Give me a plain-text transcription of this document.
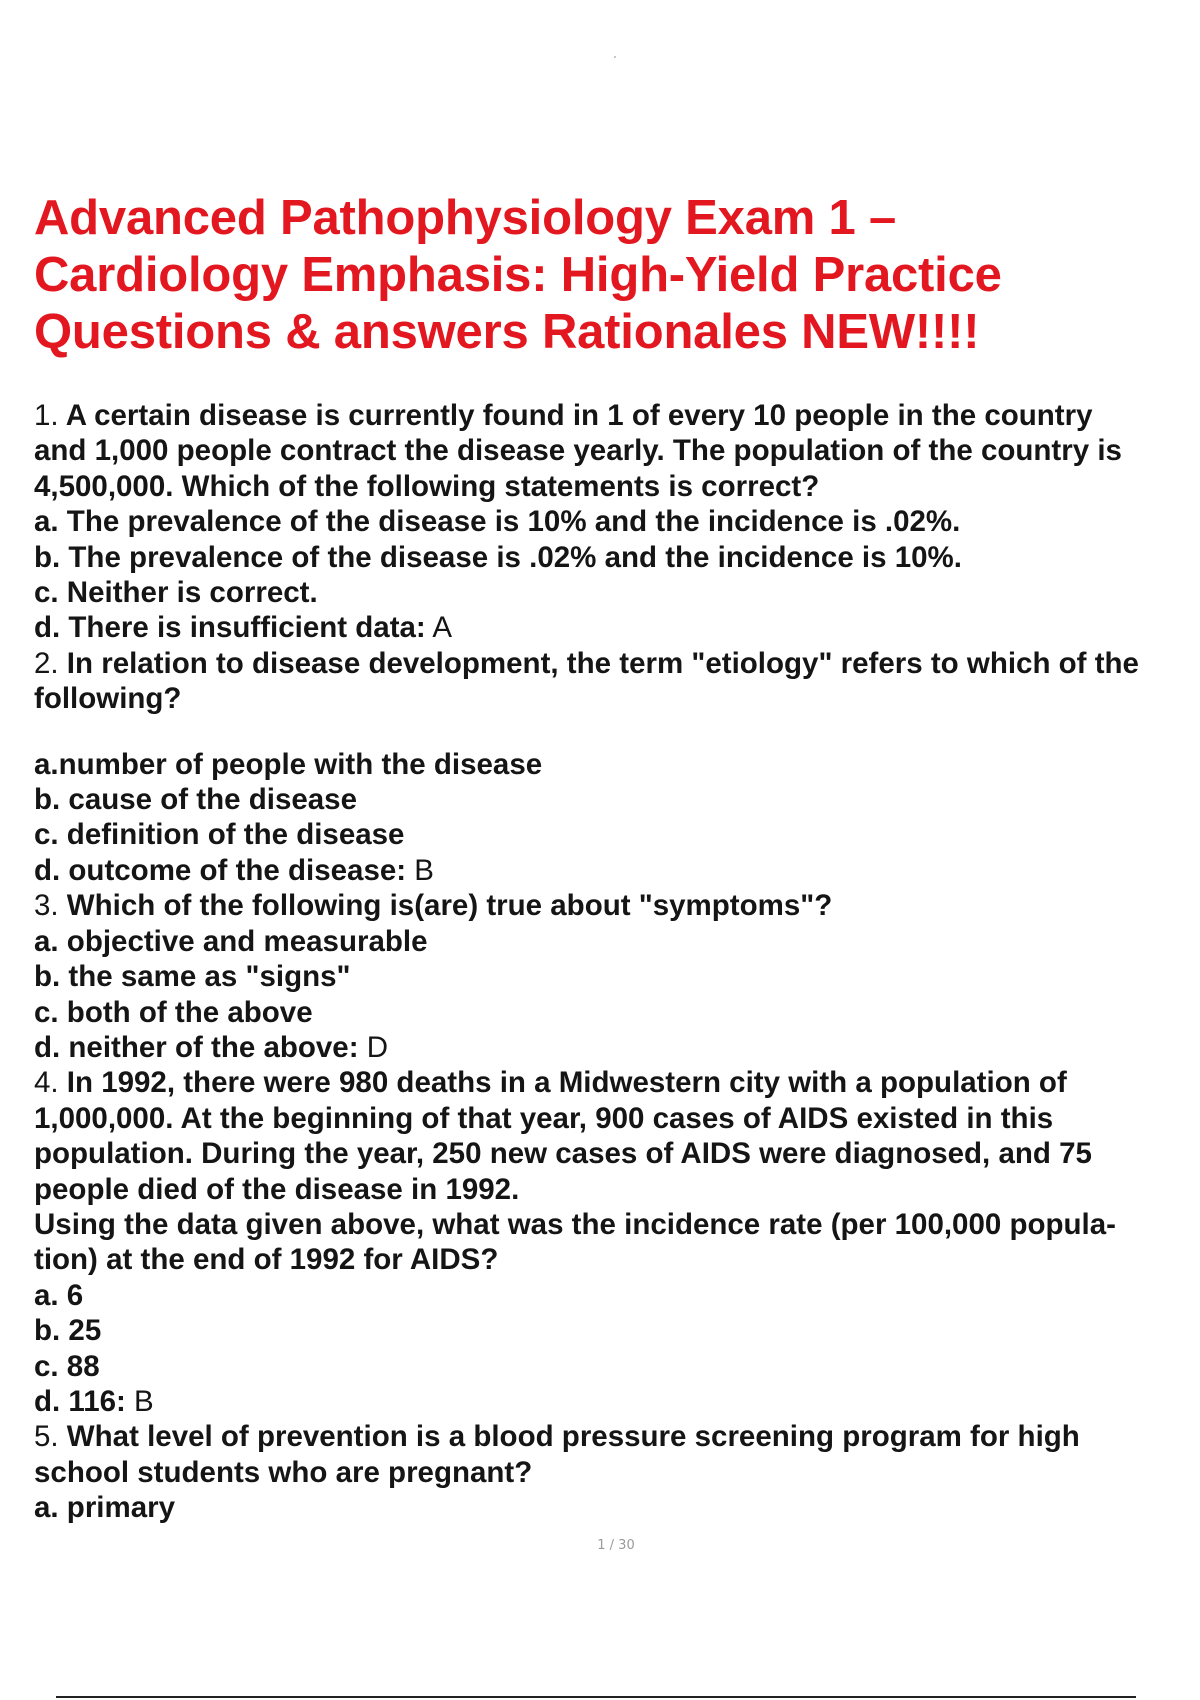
Advanced Pathophysiology Exam 1 –
Cardiology Emphasis: High-Yield Practice
Questions & answers Rationales NEW!!!!
1. A certain disease is currently found in 1 of every 10 people in the country
and 1,000 people contract the disease yearly. The population of the country is
4,500,000. Which of the following statements is correct?
a. The prevalence of the disease is 10% and the incidence is .02%.
b. The prevalence of the disease is .02% and the incidence is 10%.
c. Neither is correct.
d. There is insufficient data: A
2. In relation to disease development, the term "etiology" refers to which of the
following?
a.number of people with the disease
b. cause of the disease
c. definition of the disease
d. outcome of the disease: B
3. Which of the following is(are) true about "symptoms"?
a. objective and measurable
b. the same as "signs"
c. both of the above
d. neither of the above: D
4. In 1992, there were 980 deaths in a Midwestern city with a population of
1,000,000. At the beginning of that year, 900 cases of AIDS existed in this
population. During the year, 250 new cases of AIDS were diagnosed, and 75
people died of the disease in 1992.
Using the data given above, what was the incidence rate (per 100,000 popula-
tion) at the end of 1992 for AIDS?
a. 6
b. 25
c. 88
d. 116: B
5. What level of prevention is a blood pressure screening program for high
school students who are pregnant?
a. primary
1 / 30
